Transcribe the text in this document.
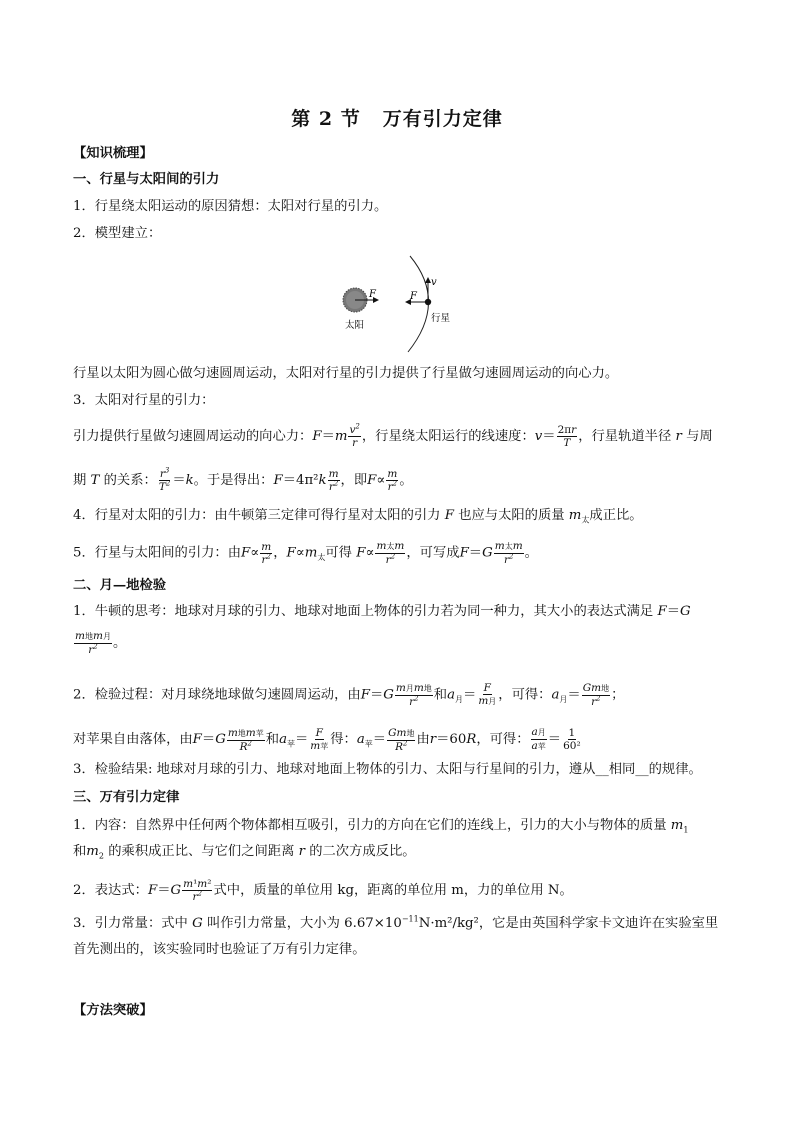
第 2 节 万有引力定律
【知识梳理】
一、行星与太阳间的引力
1．行星绕太阳运动的原因猜想：太阳对行星的引力。
2．模型建立：
F
太阳
F
v
行星
行星以太阳为圆心做匀速圆周运动，太阳对行星的引力提供了行星做匀速圆周运动的向心力。
3．太阳对行星的引力：
引力提供行星做匀速圆周运动的向心力：$F=m \frac{v^2}{r}$ ，行星绕太阳运行的线速度：$v= \frac{2\pi r}{T}$ ，行星轨道半径 r 与周
期 T 的关系： $\frac{r^3}{T^2} =k$。于是得出：$F=4\pi^2k \frac{m}{r^2}$ ，即$F\propto \frac{m}{r^2}$ 。
4．行星对太阳的引力：由牛顿第三定律可得行星对太阳的引力 F 也应与太阳的质量 $m_太$成正比。
5．行星与太阳间的引力：由$F\propto \frac{m}{r^2}$ ，$F\propto m_太$可得 $F\propto \frac{\text{m太m}}{r^2}$ ，可写成$F=G \frac{\text{m太m}}{r^2}$ 。
二、月—地检验
1．牛顿的思考：地球对月球的引力、地球对地面上物体的引力若为同一种力，其大小的表达式满足 F＝G
$\frac{\text{m地m月}}{r^2}$ 。
2．检验过程：对月球绕地球做匀速圆周运动，由$F=G \frac{\text{m月m地}}{r^2}$ 和$a_月= \frac{F}{\text{m月}}$ ，可得：$a_月= \frac{\text{Gm地}}{r^2}$ ；
对苹果自由落体，由$F=G \frac{\text{m地m苹}}{R^2}$ 和$a_苹= \frac{F}{\text{m苹}}$ 得：$a_苹= \frac{\text{Gm地}}{R^2}$ 由r＝60R，可得： $\frac{\text{a月}}{\text{a苹}} = \frac{1}{\text{60²}}$
3．检验结果: 地球对月球的引力、地球对地面上物体的引力、太阳与行星间的引力，遵从__相同__的规律。
三、万有引力定律
1．内容：自然界中任何两个物体都相互吸引，引力的方向在它们的连线上，引力的大小与物体的质量 $m_1$
和$m_2$ 的乘积成正比、与它们之间距离 r 的二次方成反比。
2．表达式：$F=G \frac{\text{m¹m²}}{r^2}$ 式中，质量的单位用 kg，距离的单位用 m，力的单位用 N。
3．引力常量：式中 G 叫作引力常量，大小为 $6.67\times 10^{-11}N\cdot m^2$/kg²，它是由英国科学家卡文迪许在实验室里
首先测出的，该实验同时也验证了万有引力定律。
【方法突破】
